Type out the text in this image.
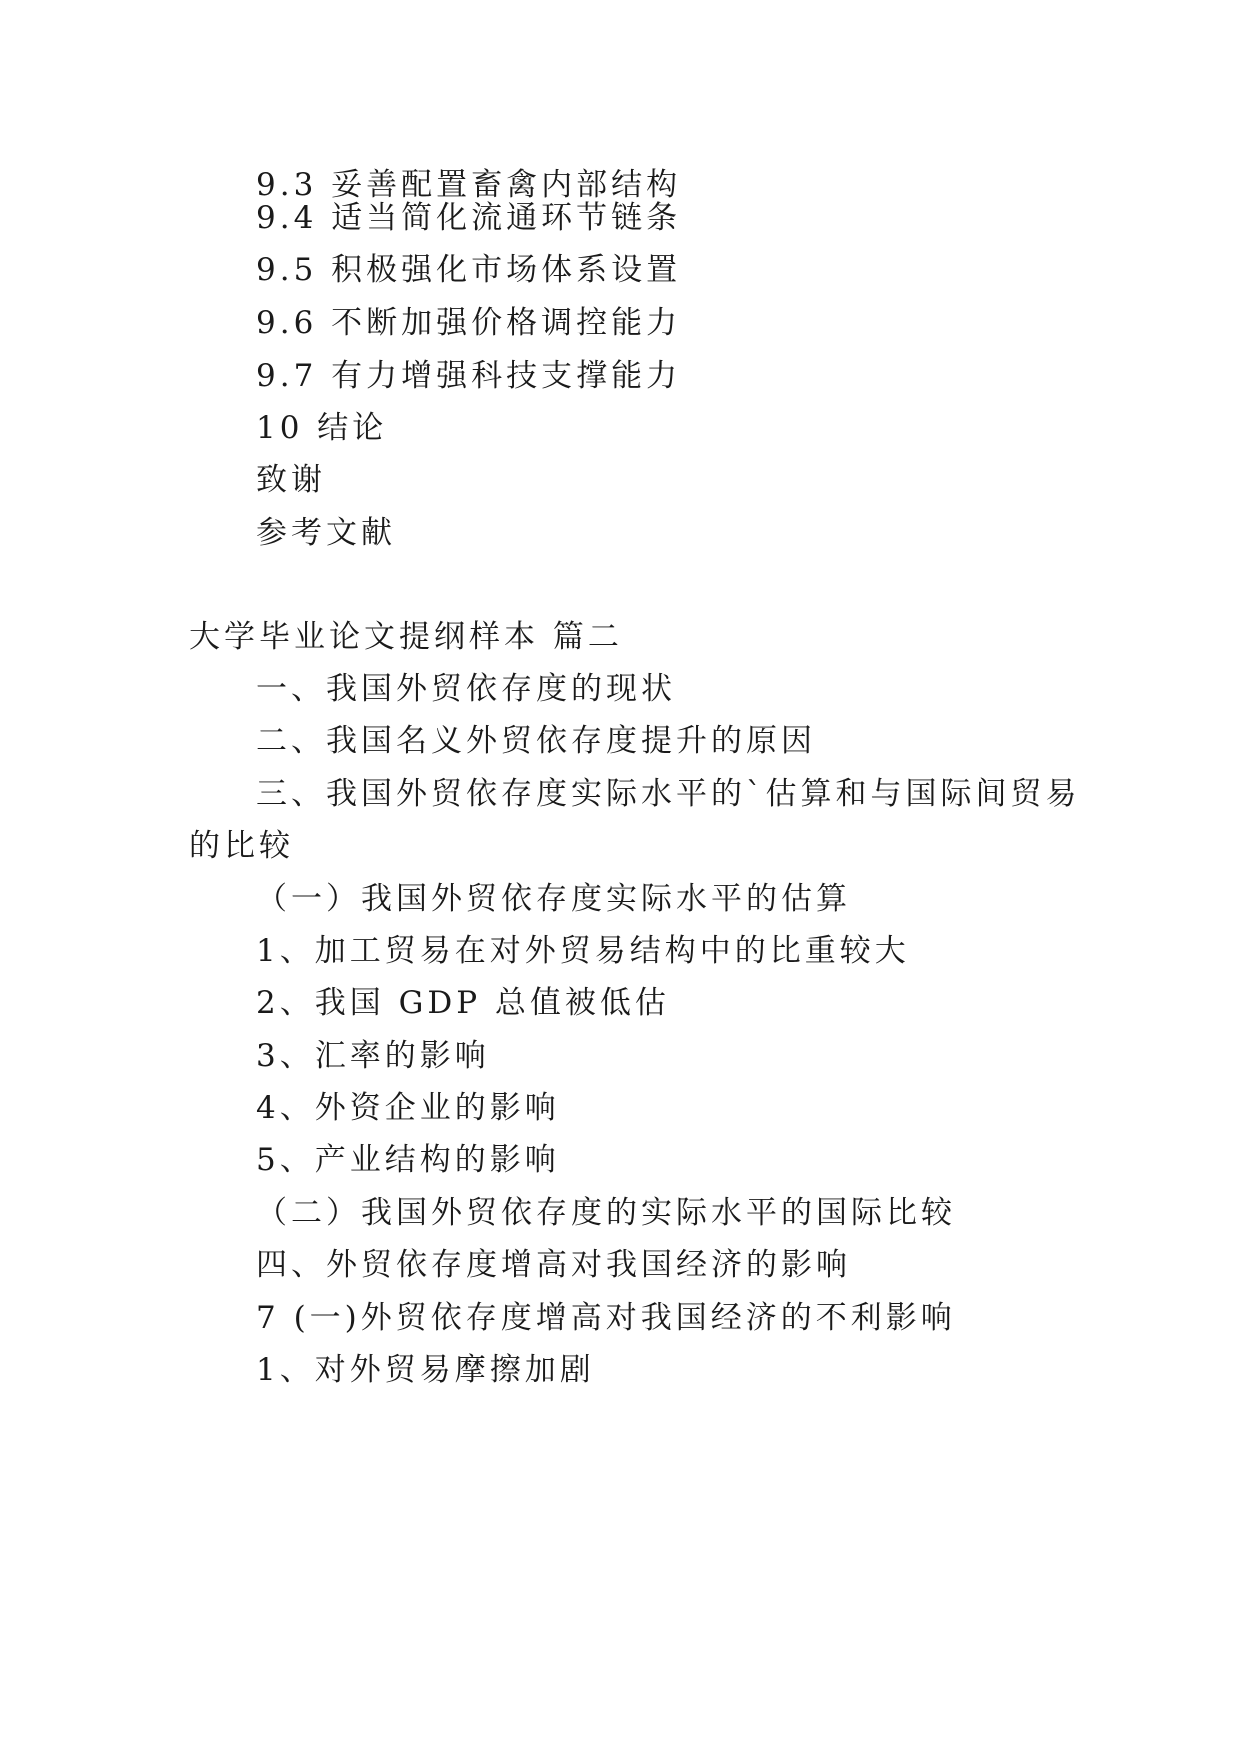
9.3 妥善配置畜禽内部结构
9.4 适当简化流通环节链条
9.5 积极强化市场体系设置
9.6 不断加强价格调控能力
9.7 有力增强科技支撑能力
10 结论
致谢
参考文献
大学毕业论文提纲样本 篇二
一、我国外贸依存度的现状
二、我国名义外贸依存度提升的原因
三、我国外贸依存度实际水平的`估算和与国际间贸易
的比较
（一）我国外贸依存度实际水平的估算
1、加工贸易在对外贸易结构中的比重较大
2、我国 GDP 总值被低估
3、汇率的影响
4、外资企业的影响
5、产业结构的影响
（二）我国外贸依存度的实际水平的国际比较
四、外贸依存度增高对我国经济的影响
7 (一)外贸依存度增高对我国经济的不利影响
1、对外贸易摩擦加剧
